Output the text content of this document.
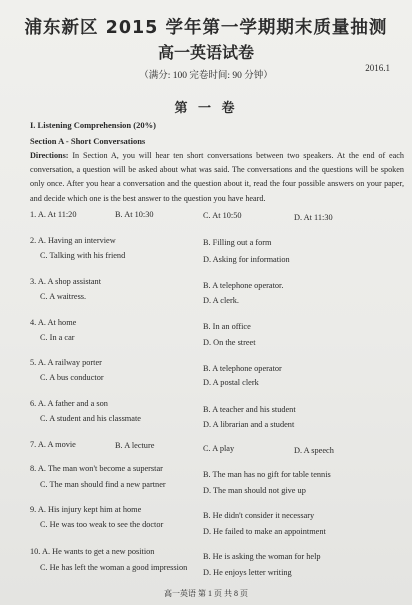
浦东新区 2015 学年第一学期期末质量抽测
高一英语试卷
（满分: 100 完卷时间: 90 分钟）
2016.1
第 一 卷
I. Listening Comprehension (20%)
Section A - Short Conversations
Directions: In Section A, you will hear ten short conversations between two speakers. At the end of each conversation, a question will be asked about what was said. The conversations and the questions will be spoken only once. After you hear a conversation and the question about it, read the four possible answers on your paper, and decide which one is the best answer to the question you have heard.
1. A. At 11:20	B. At 10:30	C. At 10:50	D. At 11:30
2. A. Having an interview	B. Filling out a form
C. Talking with his friend	D. Asking for information
3. A. A shop assistant	B. A telephone operator.
C. A waitress.	D. A clerk.
4. A. At home	B. In an office
C. In a car
D. On the street
5. A. A railway porter
B. A telephone operator
C. A bus conductor
D. A postal clerk
6. A. A father and a son
B. A teacher and his student
C. A student and his classmate
D. A librarian and a student
7. A. A movie	B. A lecture	C. A play	D. A speech
8. A. The man won't become a superstar
B. The man has no gift for table tennis
C. The man should find a new partner
D. The man should not give up
9. A. His injury kept him at home
B. He didn't consider it necessary
C. He was too weak to see the doctor
D. He failed to make an appointment
10. A. He wants to get a new position
B. He is asking the woman for help
C. He has left the woman a good impression
D. He enjoys letter writing
高一英语 第 1 页 共 8 页
